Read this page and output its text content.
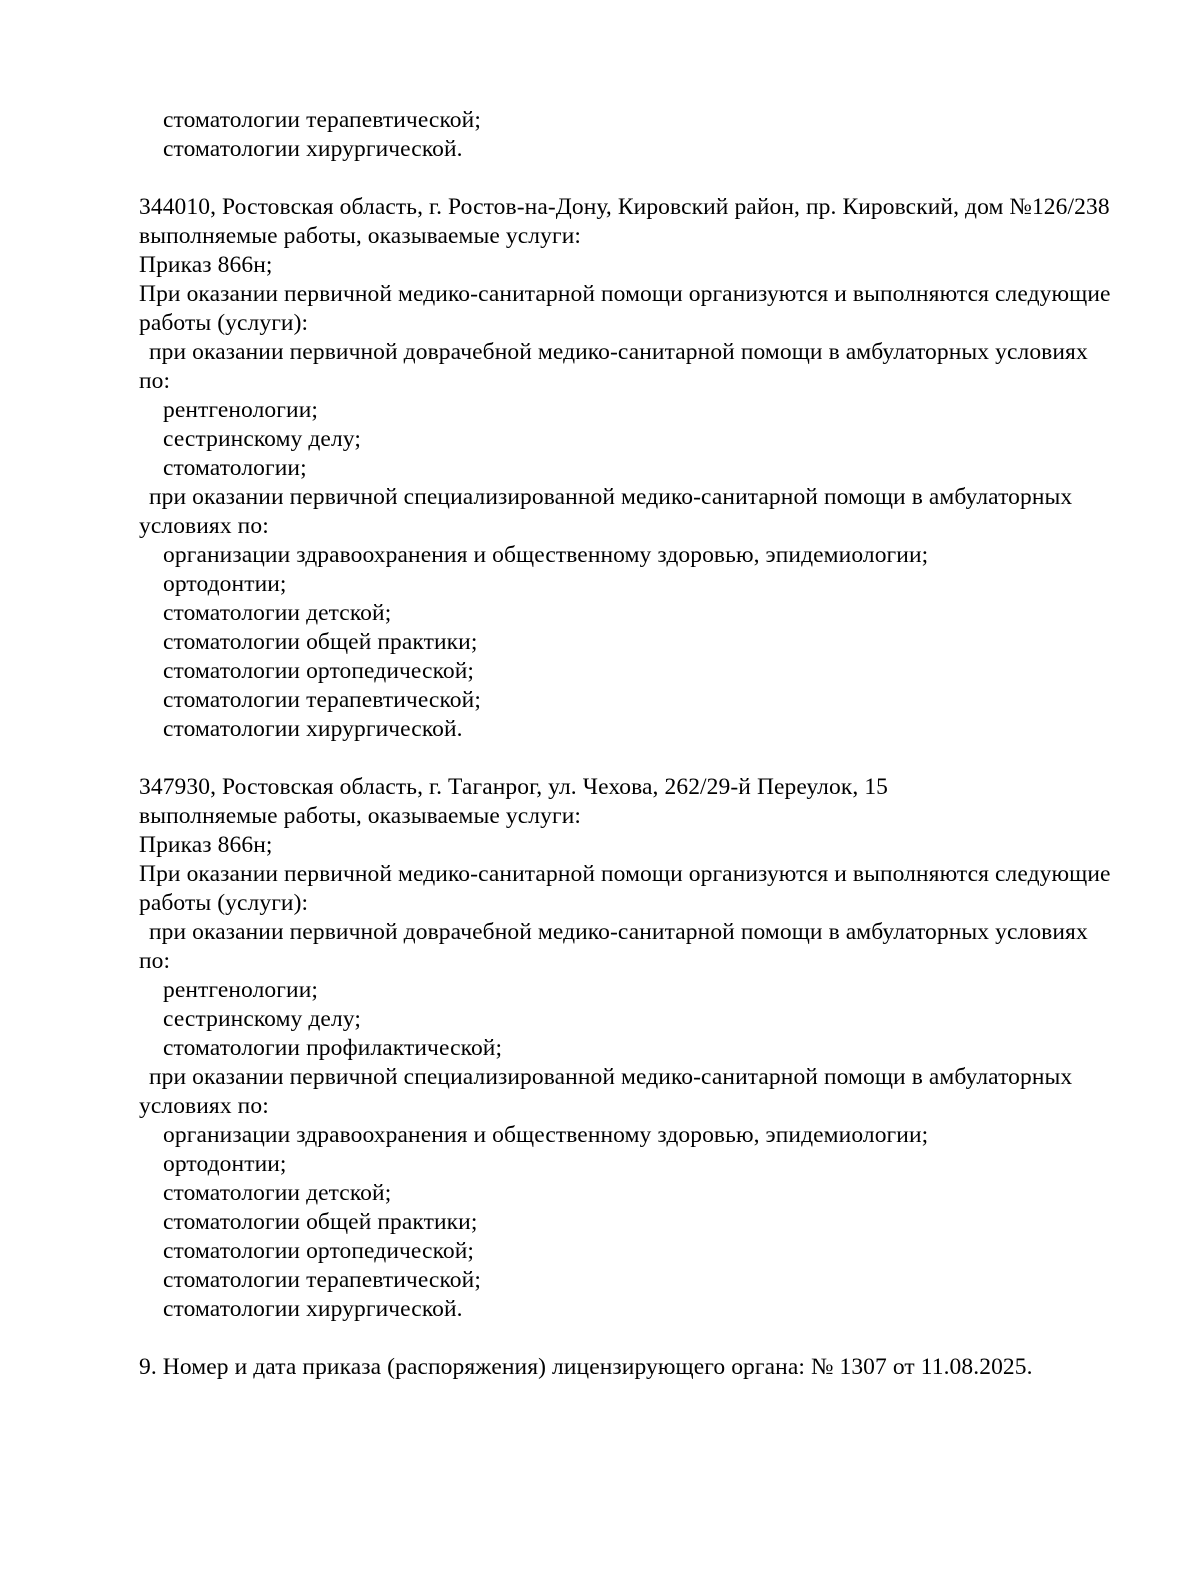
стоматологии терапевтической;
стоматологии хирургической.
344010, Ростовская область, г. Ростов-на-Дону, Кировский район, пр. Кировский, дом №126/238
выполняемые работы, оказываемые услуги:
Приказ 866н;
При оказании первичной медико-санитарной помощи организуются и выполняются следующие
работы (услуги):
при оказании первичной доврачебной медико-санитарной помощи в амбулаторных условиях
по:
рентгенологии;
сестринскому делу;
стоматологии;
при оказании первичной специализированной медико-санитарной помощи в амбулаторных
условиях по:
организации здравоохранения и общественному здоровью, эпидемиологии;
ортодонтии;
стоматологии детской;
стоматологии общей практики;
стоматологии ортопедической;
стоматологии терапевтической;
стоматологии хирургической.
347930, Ростовская область, г. Таганрог, ул. Чехова, 262/29-й Переулок, 15
выполняемые работы, оказываемые услуги:
Приказ 866н;
При оказании первичной медико-санитарной помощи организуются и выполняются следующие
работы (услуги):
при оказании первичной доврачебной медико-санитарной помощи в амбулаторных условиях
по:
рентгенологии;
сестринскому делу;
стоматологии профилактической;
при оказании первичной специализированной медико-санитарной помощи в амбулаторных
условиях по:
организации здравоохранения и общественному здоровью, эпидемиологии;
ортодонтии;
стоматологии детской;
стоматологии общей практики;
стоматологии ортопедической;
стоматологии терапевтической;
стоматологии хирургической.
9. Номер и дата приказа (распоряжения) лицензирующего органа: № 1307 от 11.08.2025.
